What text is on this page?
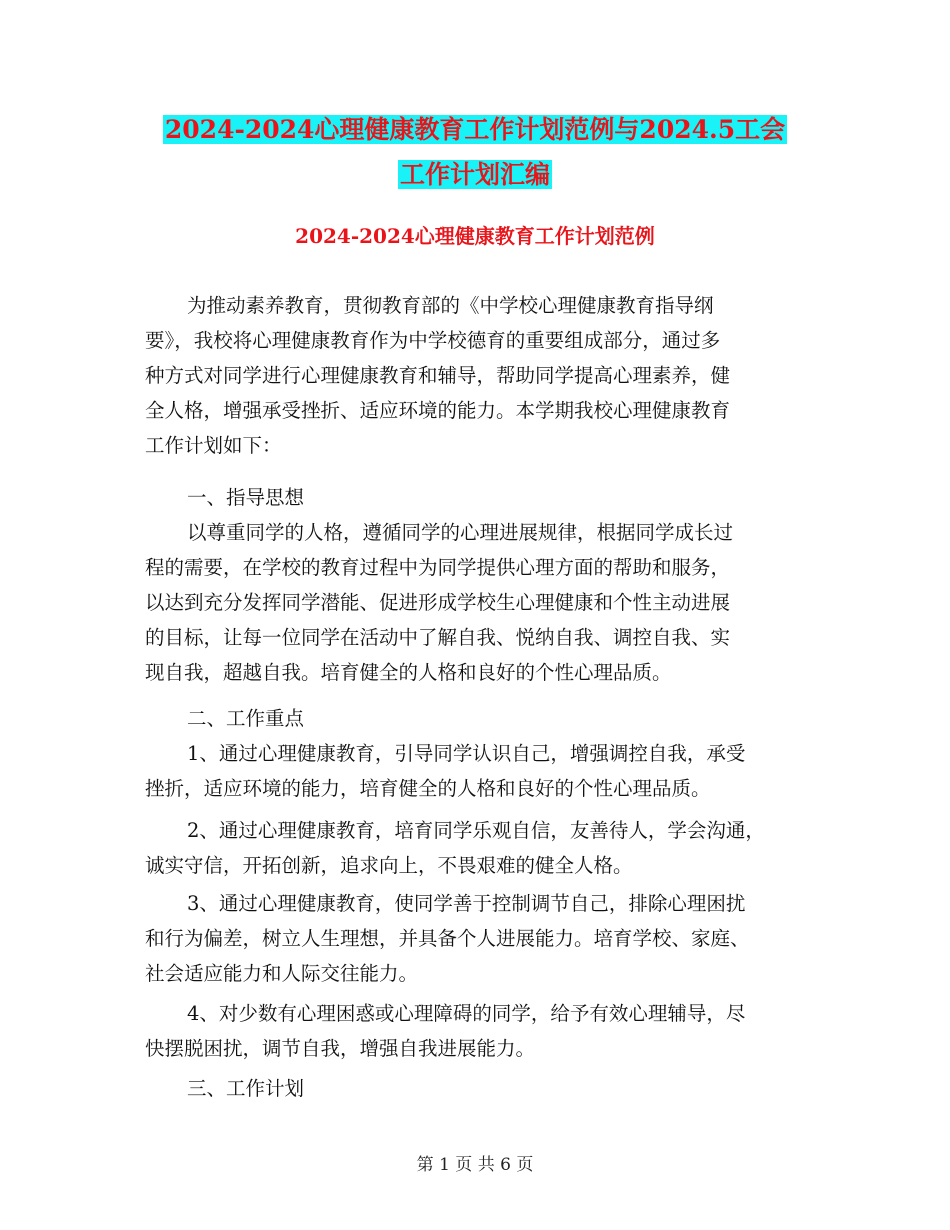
2024-2024心理健康教育工作计划范例与2024.5工会
工作计划汇编
2024-2024心理健康教育工作计划范例
为推动素养教育，贯彻教育部的《中学校心理健康教育指导纲
要》，我校将心理健康教育作为中学校德育的重要组成部分，通过多
种方式对同学进行心理健康教育和辅导，帮助同学提高心理素养，健
全人格，增强承受挫折、适应环境的能力。本学期我校心理健康教育
工作计划如下：
一、指导思想
以尊重同学的人格，遵循同学的心理进展规律，根据同学成长过
程的需要，在学校的教育过程中为同学提供心理方面的帮助和服务，
以达到充分发挥同学潜能、促进形成学校生心理健康和个性主动进展
的目标，让每一位同学在活动中了解自我、悦纳自我、调控自我、实
现自我，超越自我。培育健全的人格和良好的个性心理品质。
二、工作重点
1、通过心理健康教育，引导同学认识自己，增强调控自我，承受
挫折，适应环境的能力，培育健全的人格和良好的个性心理品质。
2、通过心理健康教育，培育同学乐观自信，友善待人，学会沟通，
诚实守信，开拓创新，追求向上，不畏艰难的健全人格。
3、通过心理健康教育，使同学善于控制调节自己，排除心理困扰
和行为偏差，树立人生理想，并具备个人进展能力。培育学校、家庭、
社会适应能力和人际交往能力。
4、对少数有心理困惑或心理障碍的同学，给予有效心理辅导，尽
快摆脱困扰，调节自我，增强自我进展能力。
三、工作计划
第 1 页 共 6 页
